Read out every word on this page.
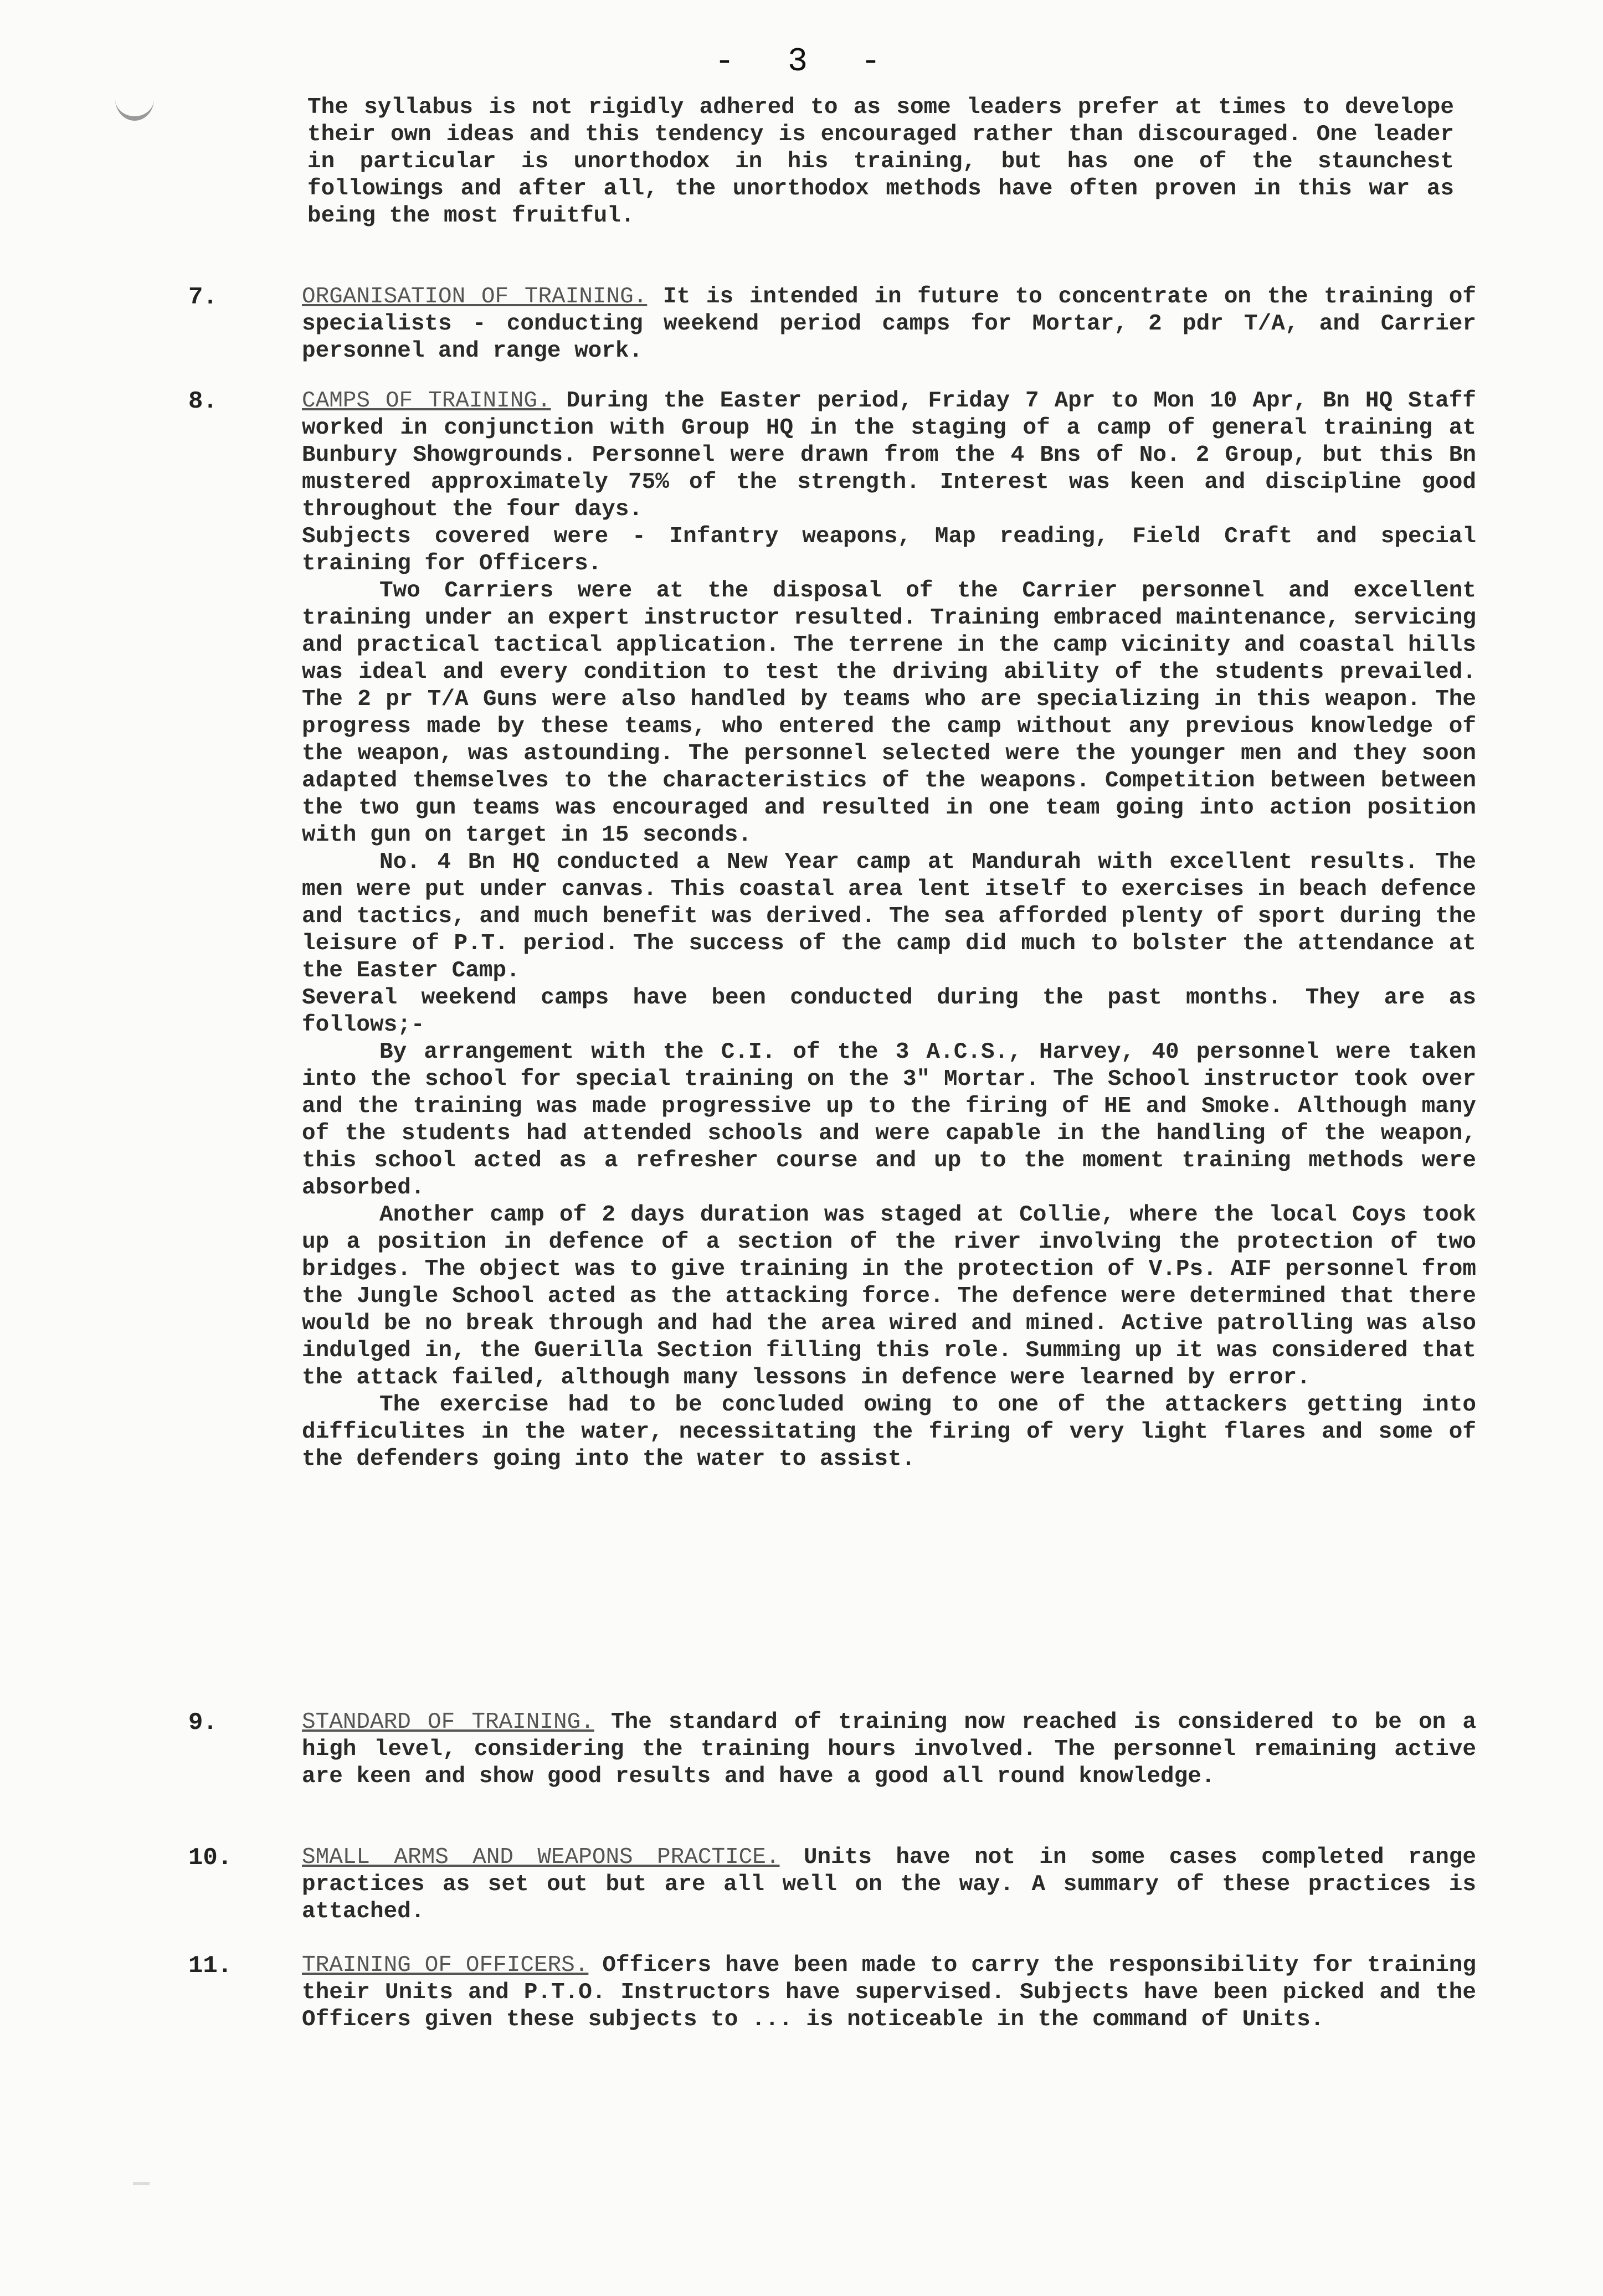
- 3 -

The syllabus is not rigidly adhered to as some leaders prefer at times to develope their own ideas and this tendency is encouraged rather than discouraged. One leader in particular is unorthodox in his training, but has one of the staunchest followings and after all, the unorthodox methods have often proven in this war as being the most fruitful.

7.	ORGANISATION OF TRAINING. It is intended in future to concentrate on the training of specialists - conducting weekend period camps for Mortar, 2 pdr T/A, and Carrier personnel and range work.

8.	CAMPS OF TRAINING. During the Easter period, Friday 7 Apr to Mon 10 Apr, Bn HQ Staff worked in conjunction with Group HQ in the staging of a camp of general training at Bunbury Showgrounds. Personnel were drawn from the 4 Bns of No. 2 Group, but this Bn mustered approximately 75% of the strength. Interest was keen and discipline good throughout the four days.

Subjects covered were - Infantry weapons, Map reading, Field Craft and special training for Officers.

Two Carriers were at the disposal of the Carrier personnel and excellent training under an expert instructor resulted. Training embraced maintenance, servicing and practical tactical application. The terrene in the camp vicinity and coastal hills was ideal and every condition to test the driving ability of the students prevailed. The 2 pr T/A Guns were also handled by teams who are specializing in this weapon. The progress made by these teams, who entered the camp without any previous knowledge of the weapon, was astounding. The personnel selected were the younger men and they soon adapted themselves to the characteristics of the weapons. Competition between between the two gun teams was encouraged and resulted in one team going into action position with gun on target in 15 seconds.

No. 4 Bn HQ conducted a New Year camp at Mandurah with excellent results. The men were put under canvas. This coastal area lent itself to exercises in beach defence and tactics, and much benefit was derived. The sea afforded plenty of sport during the leisure of P.T. period. The success of the camp did much to bolster the attendance at the Easter Camp.

Several weekend camps have been conducted during the past months. They are as follows;-

By arrangement with the C.I. of the 3 A.C.S., Harvey, 40 personnel were taken into the school for special training on the 3" Mortar. The School instructor took over and the training was made progressive up to the firing of HE and Smoke. Although many of the students had attended schools and were capable in the handling of the weapon, this school acted as a refresher course and up to the moment training methods were absorbed.

Another camp of 2 days duration was staged at Collie, where the local Coys took up a position in defence of a section of the river involving the protection of two bridges. The object was to give training in the protection of V.Ps. AIF personnel from the Jungle School acted as the attacking force. The defence were determined that there would be no break through and had the area wired and mined. Active patrolling was also indulged in, the Guerilla Section filling this role. Summing up it was considered that the attack failed, although many lessons in defence were learned by error.

The exercise had to be concluded owing to one of the attackers getting into difficulites in the water, necessitating the firing of very light flares and some of the defenders going into the water to assist.

9.	STANDARD OF TRAINING. The standard of training now reached is considered to be on a high level, considering the training hours involved. The personnel remaining active are keen and show good results and have a good all round knowledge.

10.	SMALL ARMS AND WEAPONS PRACTICE. Units have not in some cases completed range practices as set out but are all well on the way. A summary of these practices is attached.

11.	TRAINING OF OFFICERS. Officers have been made to carry the responsibility for training their Units and P.T.O. Instructors have supervised. Subjects have been picked and the Officers given these subjects to ... is noticeable in the command of Units.
